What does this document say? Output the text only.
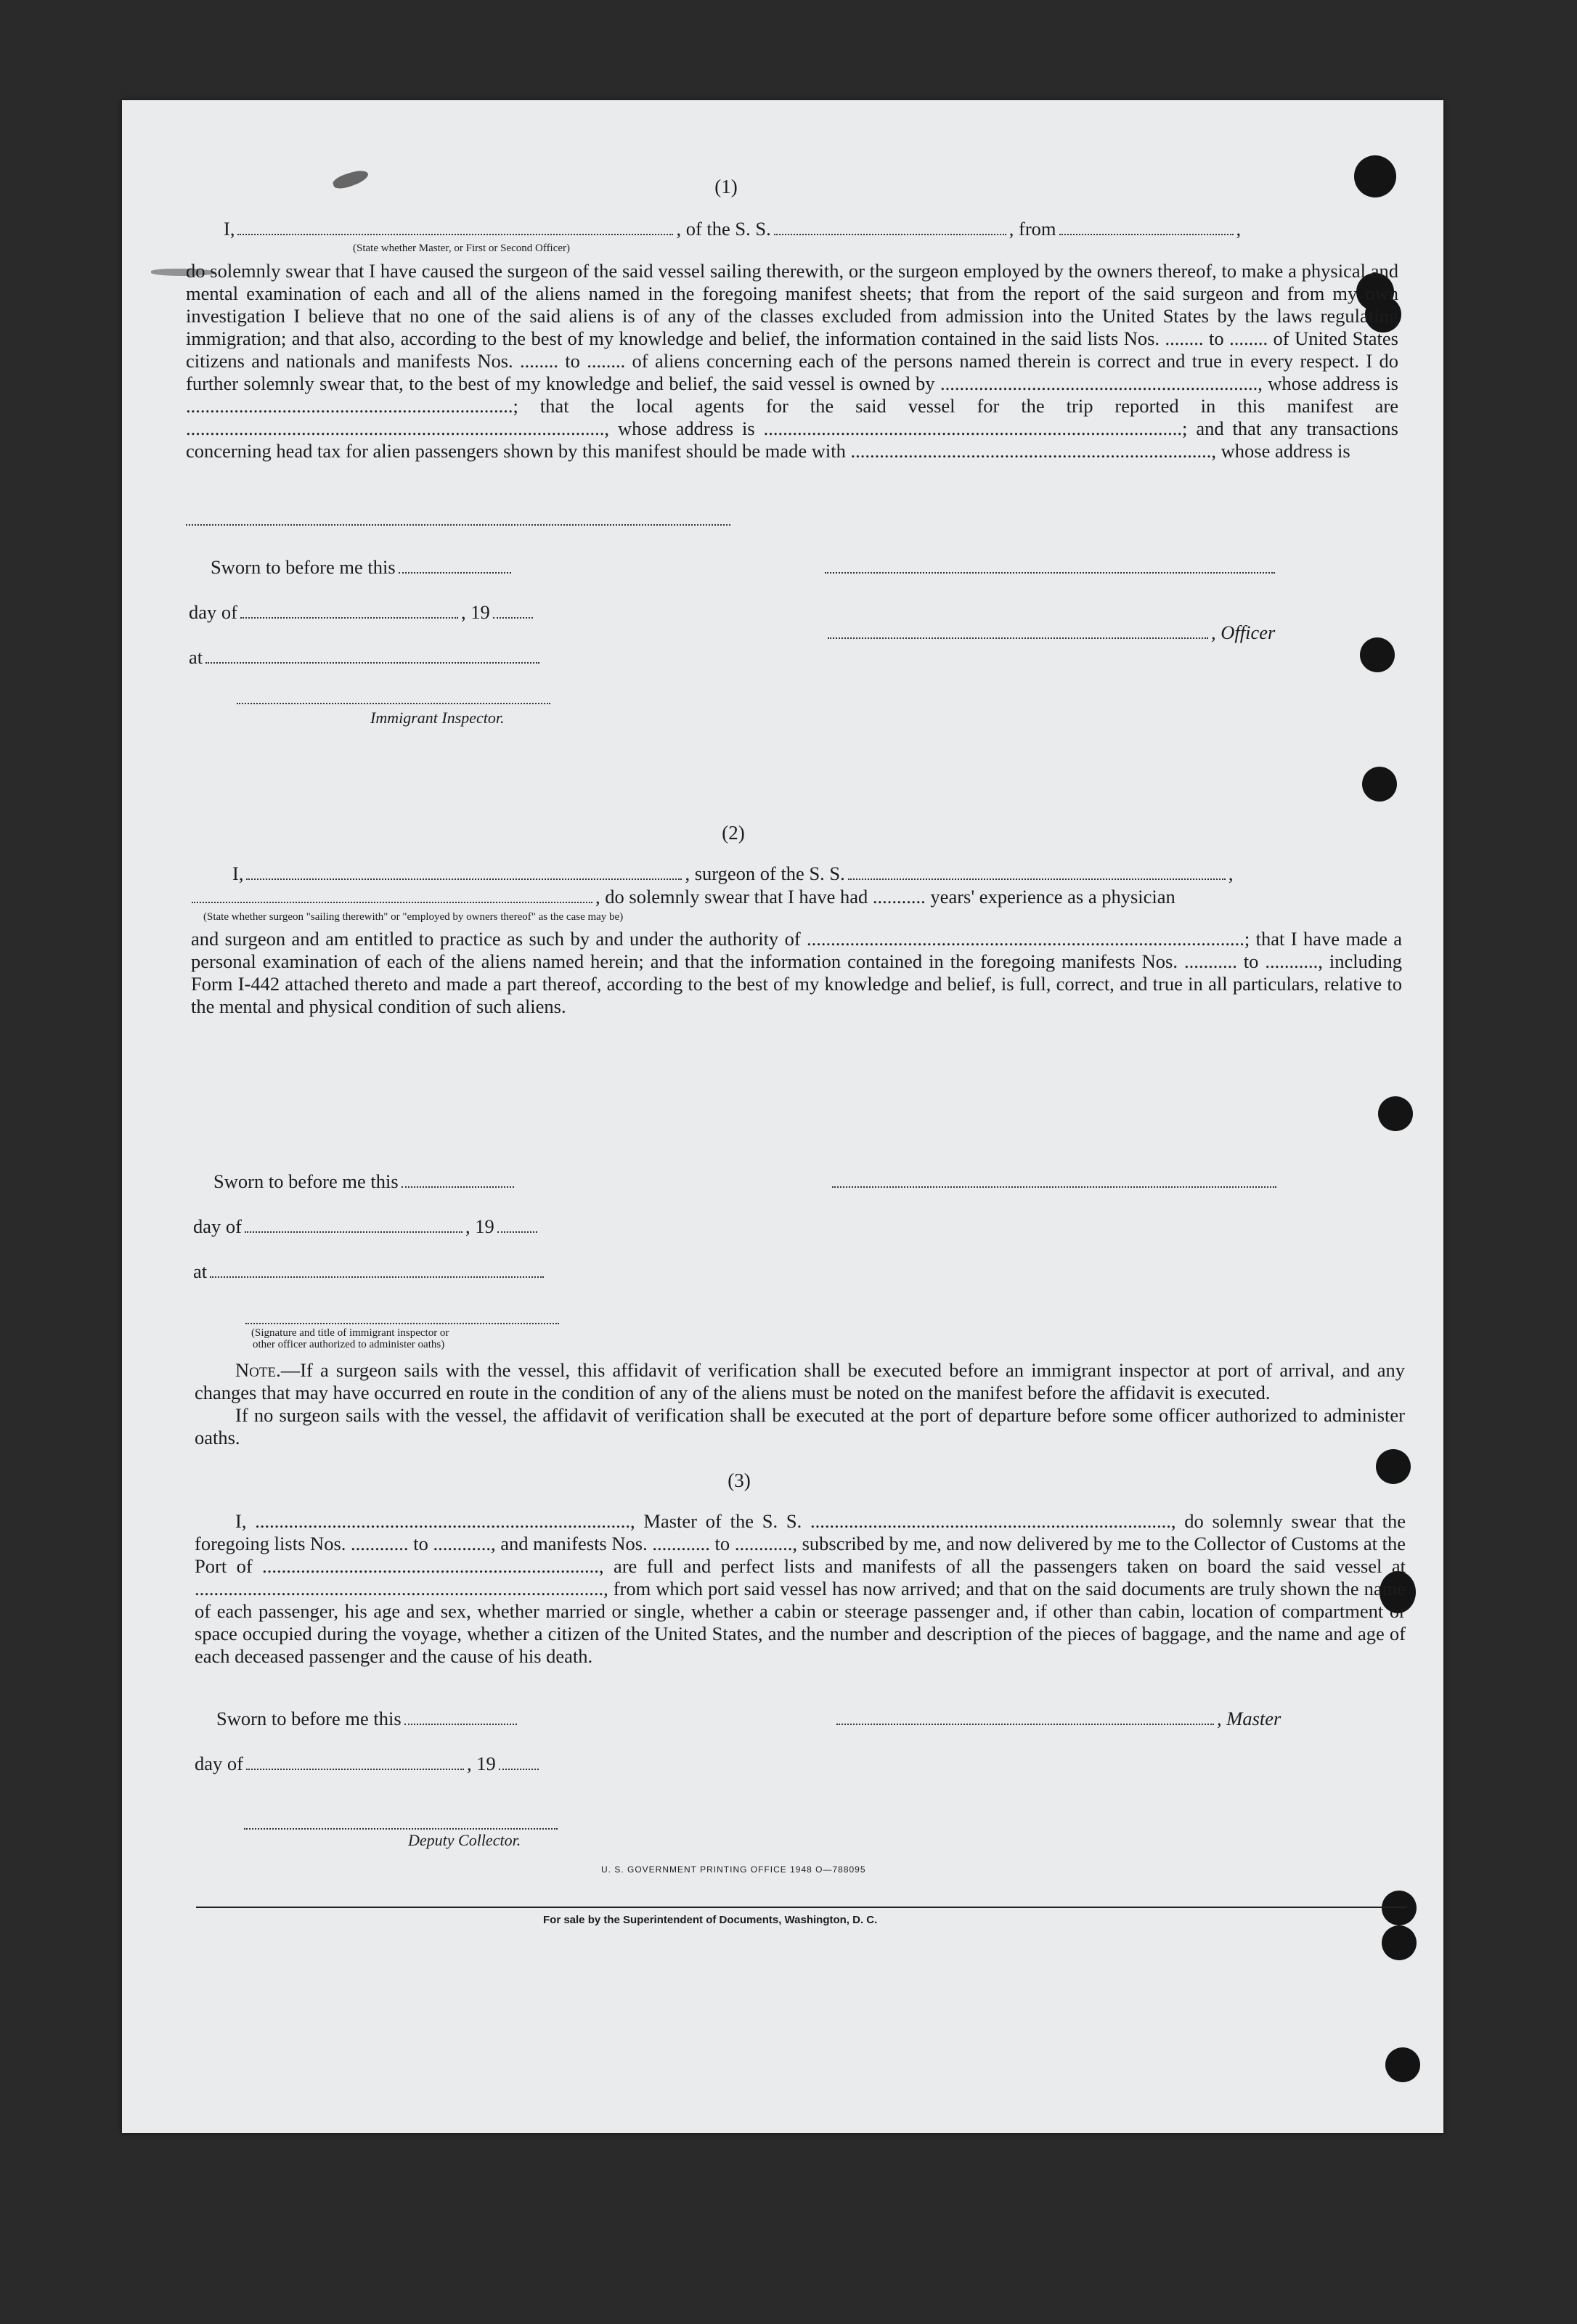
(1)
I,	, of the S. S.	, from	,
(State whether Master, or First or Second Officer)

do solemnly swear that I have caused the surgeon of the said vessel sailing therewith, or the surgeon employed by the owners thereof, to make a physical and mental examination of each and all of the aliens named in the foregoing manifest sheets; that from the report of the said surgeon and from my own investigation I believe that no one of the said aliens is of any of the classes excluded from admission into the United States by the laws regulating immigration; and that also, according to the best of my knowledge and belief, the information contained in the said lists Nos. ........ to ........ of United States citizens and nationals and manifests Nos. ........ to ........ of aliens concerning each of the persons named therein is correct and true in every respect. I do further solemnly swear that, to the best of my knowledge and belief, the said vessel is owned by .................................................................., whose address is ....................................................................; that the local agents for the said vessel for the trip reported in this manifest are ......................................................................................., whose address is .......................................................................................; and that any transactions concerning head tax for alien passengers shown by this manifest should be made with ..........................................................................., whose address is

Sworn to before me this
day of	, 19
, Officer
at
Immigrant Inspector.
(2)
I,	, surgeon of the S. S.	,
, do solemnly swear that I have had ........... years' experience as a physician
(State whether surgeon "sailing therewith" or "employed by owners thereof" as the case may be)

and surgeon and am entitled to practice as such by and under the authority of ...........................................................................................; that I have made a personal examination of each of the aliens named herein; and that the information contained in the foregoing manifests Nos. ........... to ..........., including Form I-442 attached thereto and made a part thereof, according to the best of my knowledge and belief, is full, correct, and true in all particulars, relative to the mental and physical condition of such aliens.

Sworn to before me this
day of	, 19
at
(Signature and title of immigrant inspector or
other officer authorized to administer oaths)

Note.—If a surgeon sails with the vessel, this affidavit of verification shall be executed before an immigrant inspector at port of arrival, and any changes that may have occurred en route in the condition of any of the aliens must be noted on the manifest before the affidavit is executed.

If no surgeon sails with the vessel, the affidavit of verification shall be executed at the port of departure before some officer authorized to administer oaths.

(3)

I, .............................................................................., Master of the S. S. ..........................................................................., do solemnly swear that the foregoing lists Nos. ............ to ............, and manifests Nos. ............ to ............, subscribed by me, and now delivered by me to the Collector of Customs at the Port of ......................................................................, are full and perfect lists and manifests of all the passengers taken on board the said vessel at ....................................................................................., from which port said vessel has now arrived; and that on the said documents are truly shown the name of each passenger, his age and sex, whether married or single, whether a cabin or steerage passenger and, if other than cabin, location of compartment or space occupied during the voyage, whether a citizen of the United States, and the number and description of the pieces of baggage, and the name and age of each deceased passenger and the cause of his death.

Sworn to before me this	, Master
day of	, 19
Deputy Collector.
U. S. GOVERNMENT PRINTING OFFICE 1948 O—788095
For sale by the Superintendent of Documents, Washington, D. C.
